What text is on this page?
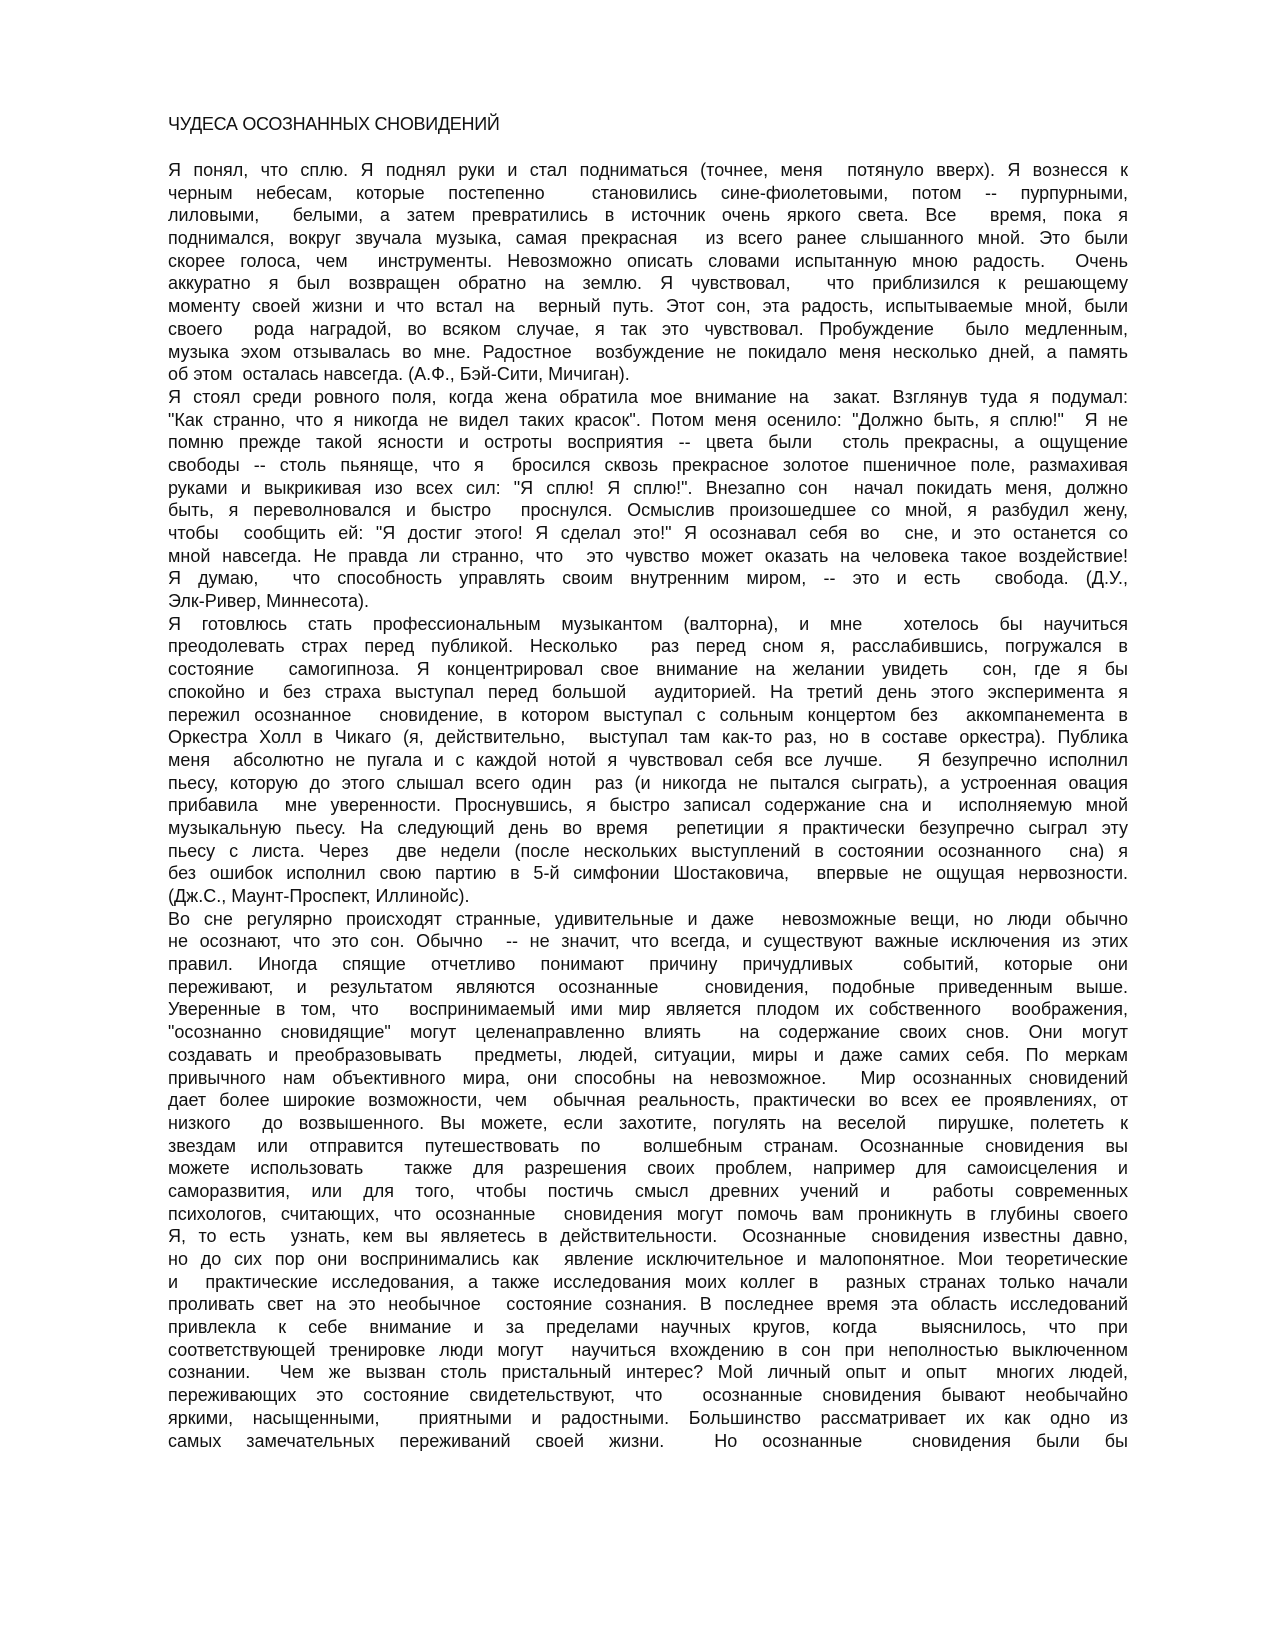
ЧУДЕСА ОСОЗНАННЫХ СНОВИДЕНИЙ
Я понял, что сплю. Я поднял руки и стал подниматься (точнее, меня  потянуло вверх). Я вознесся к
черным небесам, которые постепенно  становились сине-фиолетовыми, потом -- пурпурными,
лиловыми,  белыми, а затем превратились в источник очень яркого света. Все  время, пока я
поднимался, вокруг звучала музыка, самая прекрасная  из всего ранее слышанного мной. Это были
скорее голоса, чем  инструменты. Невозможно описать словами испытанную мною радость.  Очень
аккуратно я был возвращен обратно на землю. Я чувствовал,  что приблизился к решающему
моменту своей жизни и что встал на  верный путь. Этот сон, эта радость, испытываемые мной, были
своего  рода наградой, во всяком случае, я так это чувствовал. Пробуждение  было медленным,
музыка эхом отзывалась во мне. Радостное  возбуждение не покидало меня несколько дней, а память
об этом  осталась навсегда. (А.Ф., Бэй-Сити, Мичиган).
Я стоял среди ровного поля, когда жена обратила мое внимание на  закат. Взглянув туда я подумал:
"Как странно, что я никогда не видел таких красок". Потом меня осенило: "Должно быть, я сплю!"  Я не
помню прежде такой ясности и остроты восприятия -- цвета были  столь прекрасны, а ощущение
свободы -- столь пьяняще, что я  бросился сквозь прекрасное золотое пшеничное поле, размахивая
руками и выкрикивая изо всех сил: "Я сплю! Я сплю!". Внезапно сон  начал покидать меня, должно
быть, я переволновался и быстро  проснулся. Осмыслив произошедшее со мной, я разбудил жену,
чтобы  сообщить ей: "Я достиг этого! Я сделал это!" Я осознавал себя во  сне, и это останется со
мной навсегда. Не правда ли странно, что  это чувство может оказать на человека такое воздействие!
Я думаю,  что способность управлять своим внутренним миром, -- это и есть  свобода. (Д.У.,
Элк-Ривер, Миннесота).
Я готовлюсь стать профессиональным музыкантом (валторна), и мне  хотелось бы научиться
преодолевать страх перед публикой. Несколько  раз перед сном я, расслабившись, погружался в
состояние  самогипноза. Я концентрировал свое внимание на желании увидеть  сон, где я бы
спокойно и без страха выступал перед большой  аудиторией. На третий день этого эксперимента я
пережил осознанное  сновидение, в котором выступал с сольным концертом без  аккомпанемента в
Оркестра Холл в Чикаго (я, действительно,  выступал там как-то раз, но в составе оркестра). Публика
меня  абсолютно не пугала и с каждой нотой я чувствовал себя все лучше.   Я безупречно исполнил
пьесу, которую до этого слышал всего один  раз (и никогда не пытался сыграть), а устроенная овация
прибавила  мне уверенности. Проснувшись, я быстро записал содержание сна и  исполняемую мной
музыкальную пьесу. На следующий день во время  репетиции я практически безупречно сыграл эту
пьесу с листа. Через  две недели (после нескольких выступлений в состоянии осознанного  сна) я
без ошибок исполнил свою партию в 5-й симфонии Шостаковича,  впервые не ощущая нервозности.
(Дж.С., Маунт-Проспект, Иллинойс).
Во сне регулярно происходят странные, удивительные и даже  невозможные вещи, но люди обычно
не осознают, что это сон. Обычно  -- не значит, что всегда, и существуют важные исключения из этих
правил. Иногда спящие отчетливо понимают причину причудливых  событий, которые они
переживают, и результатом являются осознанные  сновидения, подобные приведенным выше.
Уверенные в том, что  воспринимаемый ими мир является плодом их собственного  воображения,
"осознанно сновидящие" могут целенаправленно влиять  на содержание своих снов. Они могут
создавать и преобразовывать  предметы, людей, ситуации, миры и даже самих себя. По меркам
привычного нам объективного мира, они способны на невозможное.  Мир осознанных сновидений
дает более широкие возможности, чем  обычная реальность, практически во всех ее проявлениях, от
низкого  до возвышенного. Вы можете, если захотите, погулять на веселой  пирушке, полететь к
звездам или отправится путешествовать по  волшебным странам. Осознанные сновидения вы
можете использовать  также для разрешения своих проблем, например для самоисцеления и
саморазвития, или для того, чтобы постичь смысл древних учений и  работы современных
психологов, считающих, что осознанные  сновидения могут помочь вам проникнуть в глубины своего
Я, то есть  узнать, кем вы являетесь в действительности.  Осознанные  сновидения известны давно,
но до сих пор они воспринимались как  явление исключительное и малопонятное. Мои теоретические
и  практические исследования, а также исследования моих коллег в  разных странах только начали
проливать свет на это необычное  состояние сознания. В последнее время эта область исследований
привлекла к себе внимание и за пределами научных кругов, когда  выяснилось, что при
соответствующей тренировке люди могут  научиться вхождению в сон при неполностью выключенном
сознании.  Чем же вызван столь пристальный интерес? Мой личный опыт и опыт  многих людей,
переживающих это состояние свидетельствуют, что  осознанные сновидения бывают необычайно
яркими, насыщенными,  приятными и радостными. Большинство рассматривает их как одно из
самых замечательных переживаний своей жизни.  Но осознанные  сновидения были бы
